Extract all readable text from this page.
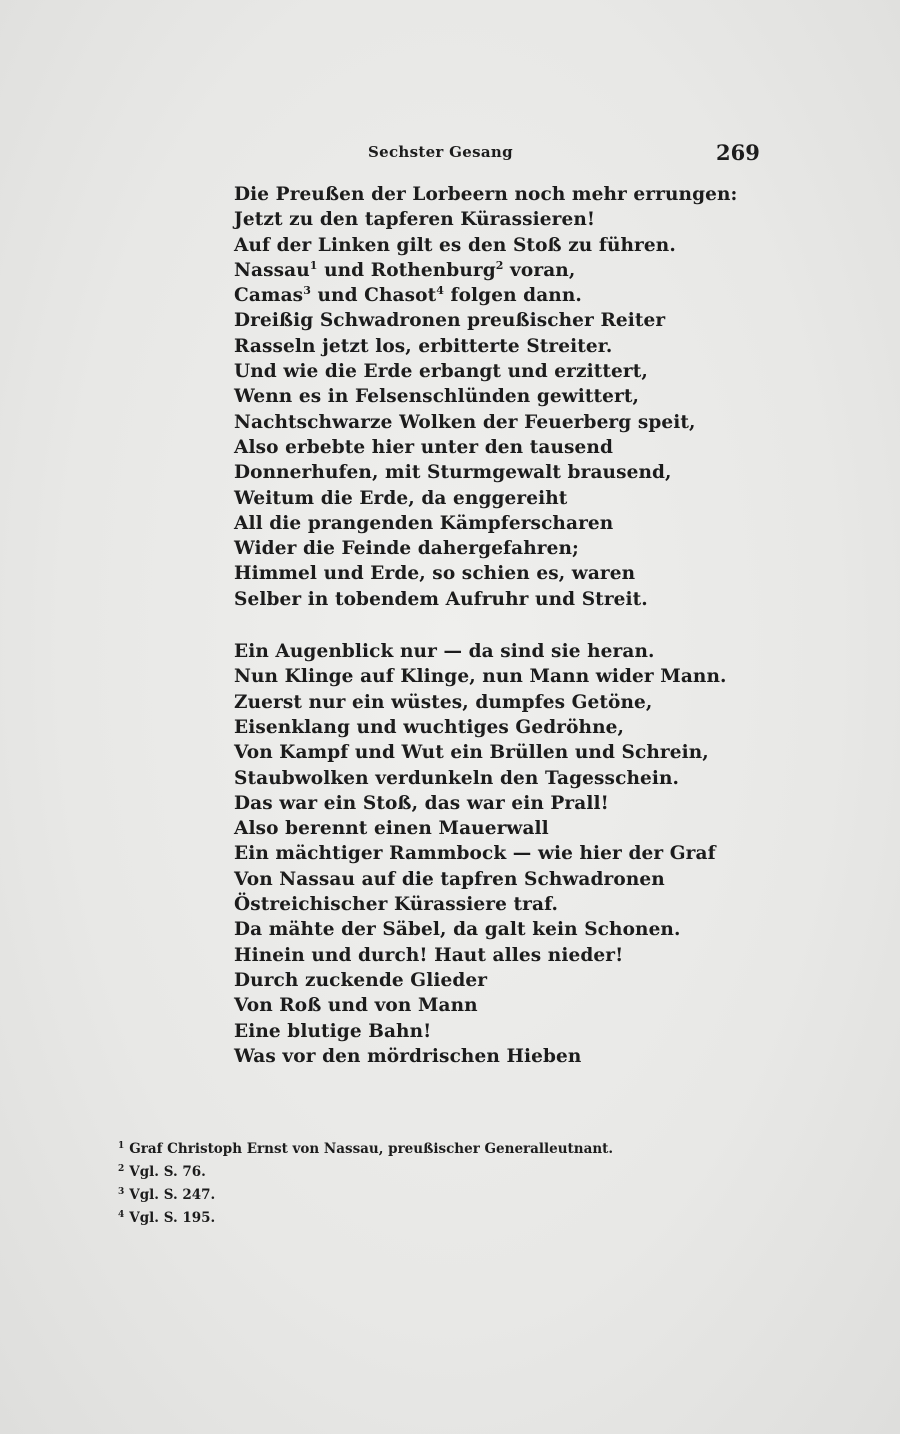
Sechster Gesang	269
Die Preußen der Lorbeern noch mehr errungen:
Jetzt zu den tapferen Kürassieren!
Auf der Linken gilt es den Stoß zu führen.
Nassau$^1$ und Rothenburg$^2$ voran,
Camas$^3$ und Chasot$^4$ folgen dann.
Dreißig Schwadronen preußischer Reiter
Rasseln jetzt los, erbitterte Streiter.
Und wie die Erde erbangt und erzittert,
Wenn es in Felsenschlünden gewittert,
Nachtschwarze Wolken der Feuerberg speit,
Also erbebte hier unter den tausend
Donnerhufen, mit Sturmgewalt brausend,
Weitum die Erde, da enggereiht
All die prangenden Kämpferscharen
Wider die Feinde dahergefahren;
Himmel und Erde, so schien es, waren
Selber in tobendem Aufruhr und Streit.
Ein Augenblick nur — da sind sie heran.
Nun Klinge auf Klinge, nun Mann wider Mann.
Zuerst nur ein wüstes, dumpfes Getöne,
Eisenklang und wuchtiges Gedröhne,
Von Kampf und Wut ein Brüllen und Schrein,
Staubwolken verdunkeln den Tagesschein.
Das war ein Stoß, das war ein Prall!
Also berennt einen Mauerwall
Ein mächtiger Rammbock — wie hier der Graf
Von Nassau auf die tapfren Schwadronen
Östreichischer Kürassiere traf.
Da mähte der Säbel, da galt kein Schonen.
Hinein und durch! Haut alles nieder!
Durch zuckende Glieder
Von Roß und von Mann
Eine blutige Bahn!
Was vor den mördrischen Hieben
$^1$ Graf Christoph Ernst von Nassau, preußischer Generalleutnant.
$^2$ Vgl. S. 76.
$^3$ Vgl. S. 247.
$^4$ Vgl. S. 195.
